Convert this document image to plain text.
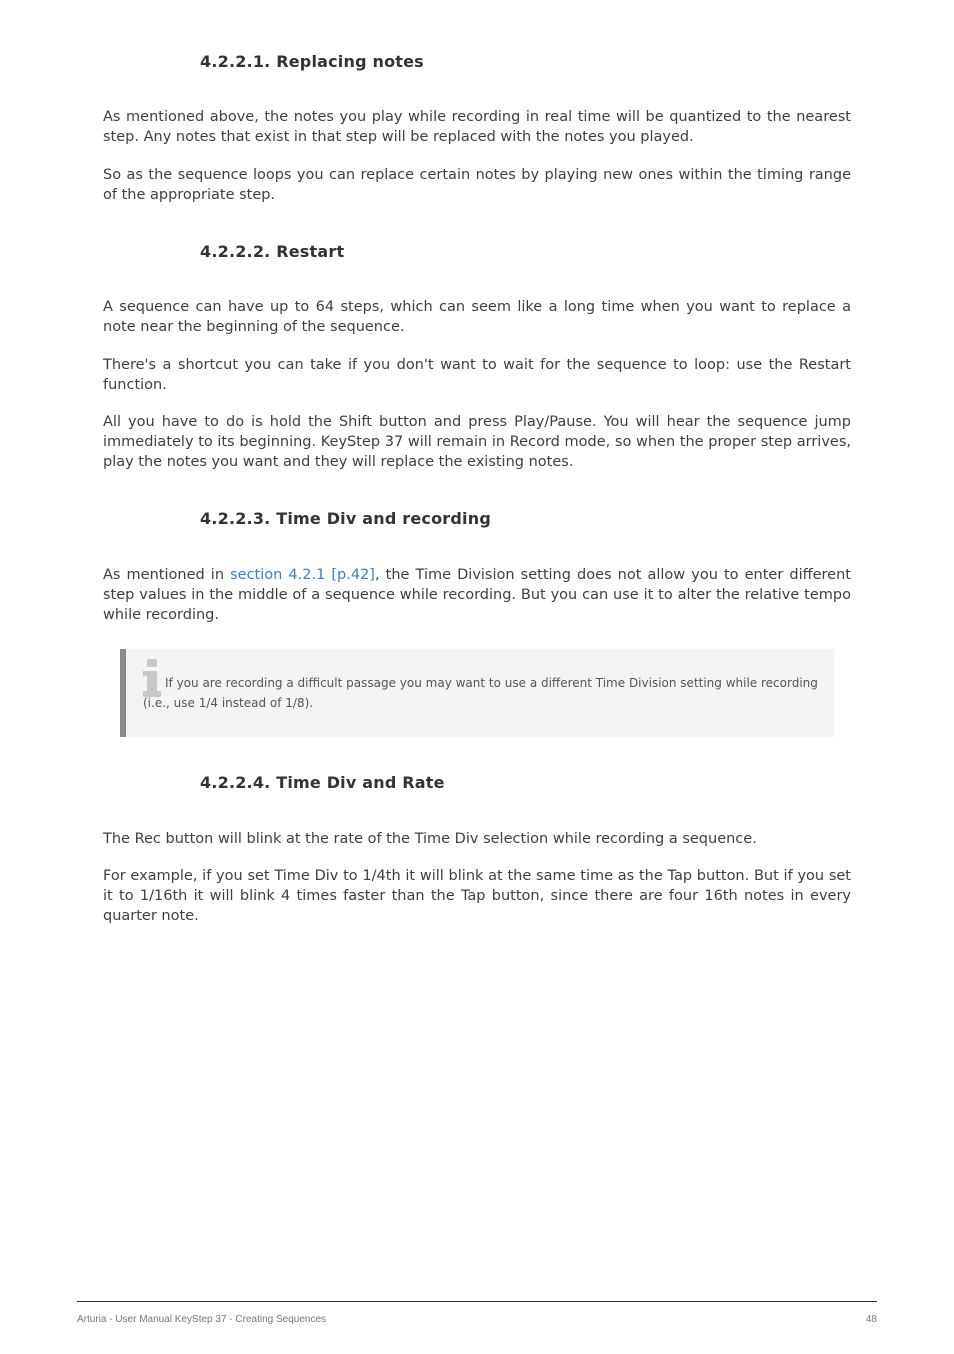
4.2.2.1. Replacing notes

As mentioned above, the notes you play while recording in real time will be quantized to the nearest step. Any notes that exist in that step will be replaced with the notes you played.

So as the sequence loops you can replace certain notes by playing new ones within the timing range of the appropriate step.

4.2.2.2. Restart

A sequence can have up to 64 steps, which can seem like a long time when you want to replace a note near the beginning of the sequence.

There's a shortcut you can take if you don't want to wait for the sequence to loop: use the Restart function.

All you have to do is hold the Shift button and press Play/Pause. You will hear the sequence jump immediately to its beginning. KeyStep 37 will remain in Record mode, so when the proper step arrives, play the notes you want and they will replace the existing notes.

4.2.2.3. Time Div and recording

As mentioned in section 4.2.1 [p.42], the Time Division setting does not allow you to enter different step values in the middle of a sequence while recording. But you can use it to alter the relative tempo while recording.

If you are recording a difficult passage you may want to use a different Time Division setting while recording (i.e., use 1/4 instead of 1/8).

4.2.2.4. Time Div and Rate

The Rec button will blink at the rate of the Time Div selection while recording a sequence.

For example, if you set Time Div to 1/4th it will blink at the same time as the Tap button. But if you set it to 1/16th it will blink 4 times faster than the Tap button, since there are four 16th notes in every quarter note.

Arturia - User Manual KeyStep 37 - Creating Sequences	48
